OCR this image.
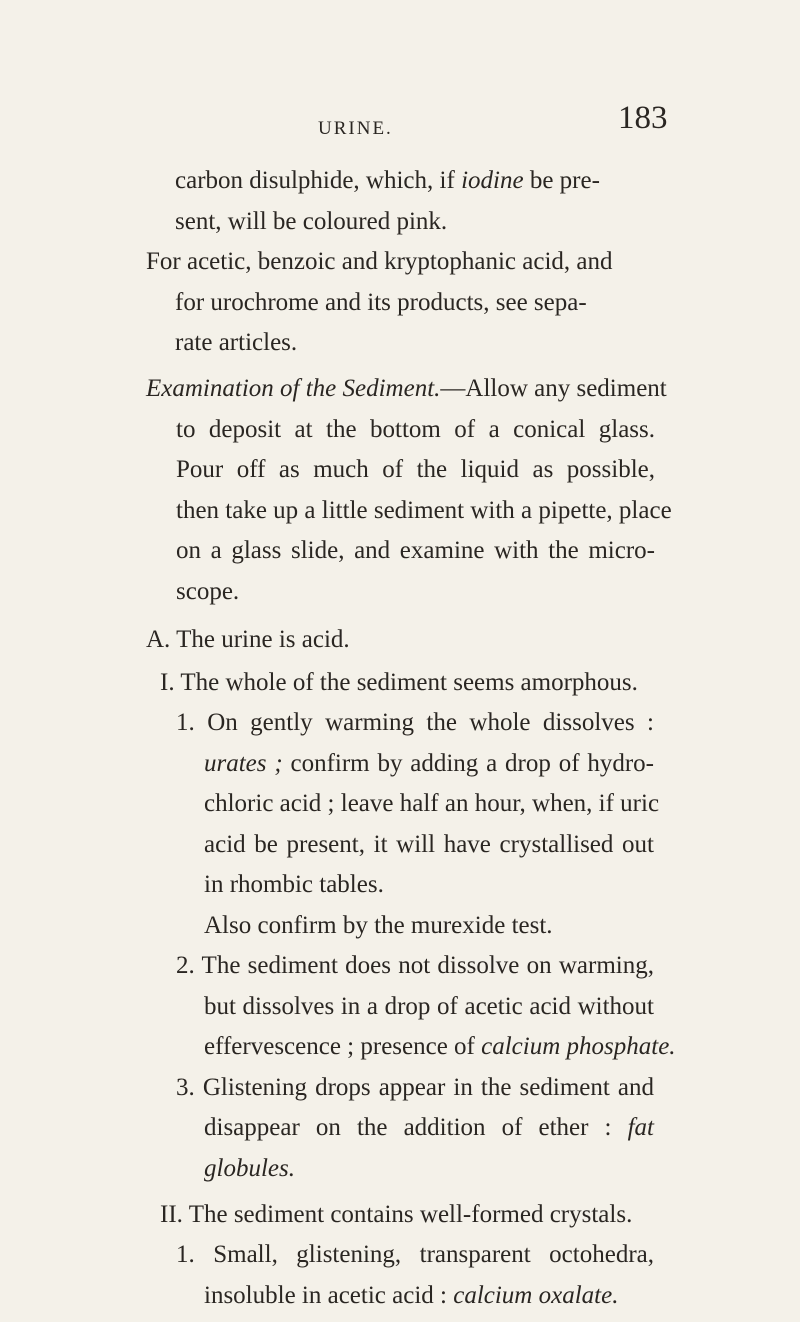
URINE.	183
carbon disulphide, which, if iodine be pre-
sent, will be coloured pink.
For acetic, benzoic and kryptophanic acid, and
for urochrome and its products, see sepa-
rate articles.
Examination of the Sediment.—Allow any sediment
to deposit at the bottom of a conical glass.
Pour off as much of the liquid as possible,
then take up a little sediment with a pipette, place
on a glass slide, and examine with the micro-
scope.
A. The urine is acid.
I. The whole of the sediment seems amorphous.
1. On gently warming the whole dissolves :
urates ; confirm by adding a drop of hydro-
chloric acid ; leave half an hour, when, if uric
acid be present, it will have crystallised out
in rhombic tables.
Also confirm by the murexide test.
2. The sediment does not dissolve on warming,
but dissolves in a drop of acetic acid without
effervescence ; presence of calcium phosphate.
3. Glistening drops appear in the sediment and
disappear on the addition of ether : fat
globules.
II. The sediment contains well-formed crystals.
1. Small, glistening, transparent octohedra,
insoluble in acetic acid : calcium oxalate.
